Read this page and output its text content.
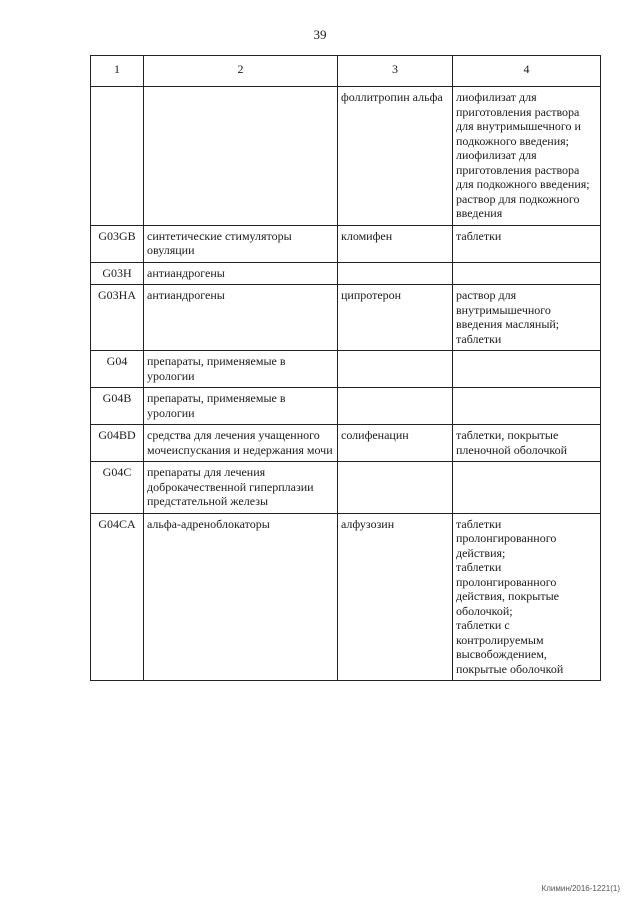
39
1	2	3	4
		фоллитропин альфа	лиофилизат для приготовления раствора для внутримышечного и подкожного введения;
лиофилизат для приготовления раствора для подкожного введения;
раствор для подкожного введения
G03GB	синтетические стимуляторы овуляции	кломифен	таблетки
G03H	антиандрогены		
G03HA	антиандрогены	ципротерон	раствор для внутримышечного введения масляный;
таблетки
G04	препараты, применяемые в урологии		
G04B	препараты, применяемые в урологии		
G04BD	средства для лечения учащенного мочеиспускания и недержания мочи	солифенацин	таблетки, покрытые пленочной оболочкой
G04C	препараты для лечения доброкачественной гиперплазии предстательной железы		
G04CA	альфа-адреноблокаторы	алфузозин	таблетки пролонгированного действия;
таблетки пролонгированного действия, покрытые оболочкой;
таблетки с контролируемым высвобождением, покрытые оболочкой
Климин/2016-1221(1)
